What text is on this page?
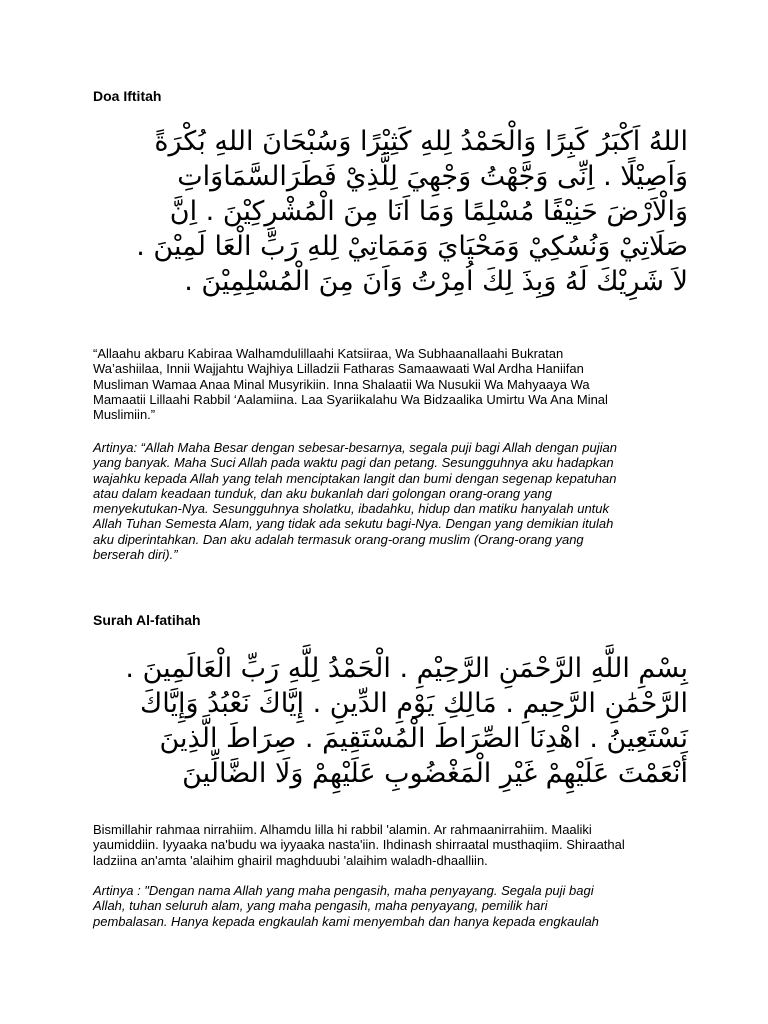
Doa Iftitah
اللهُ اَكْبَرُ كَبِرًا وَالْحَمْدُ لِلهِ كَثِيْرًا وَسُبْحَانَ اللهِ بُكْرَةً
وَاَصِيْلًا . اِنِّى وَجَّهْتُ وَجْهِيَ لِلَّذِيْ فَطَرَالسَّمَاوَاتِ
وَالْاَرْضَ حَنِيْفًا مُسْلِمًا وَمَا اَنَا مِنَ الْمُشْرِكِيْنَ . اِنَّ
صَلَاتِيْ وَنُسُكِيْ وَمَحْيَايَ وَمَمَاتِيْ لِلهِ رَبِّ الْعَا لَمِيْنَ .
لاَ شَرِيْكَ لَهُ وَبِذَ لِكَ اُمِرْتُ وَاَنَ مِنَ الْمُسْلِمِيْنَ .
“Allaahu akbaru Kabiraa Walhamdulillaahi Katsiiraa, Wa Subhaanallaahi Bukratan
Wa’ashiilaa, Innii Wajjahtu Wajhiya Lilladzii Fatharas Samaawaati Wal Ardha Haniifan
Musliman Wamaa Anaa Minal Musyrikiin. Inna Shalaatii Wa Nusukii Wa Mahyaaya Wa
Mamaatii Lillaahi Rabbil ‘Aalamiina. Laa Syariikalahu Wa Bidzaalika Umirtu Wa Ana Minal
Muslimiin.”
Artinya: “Allah Maha Besar dengan sebesar-besarnya, segala puji bagi Allah dengan pujian
yang banyak. Maha Suci Allah pada waktu pagi dan petang. Sesungguhnya aku hadapkan
wajahku kepada Allah yang telah menciptakan langit dan bumi dengan segenap kepatuhan
atau dalam keadaan tunduk, dan aku bukanlah dari golongan orang-orang yang
menyekutukan-Nya. Sesungguhnya sholatku, ibadahku, hidup dan matiku hanyalah untuk
Allah Tuhan Semesta Alam, yang tidak ada sekutu bagi-Nya. Dengan yang demikian itulah
aku diperintahkan. Dan aku adalah termasuk orang-orang muslim (Orang-orang yang
berserah diri).”
Surah Al-fatihah
بِسْمِ اللَّهِ الرَّحْمَنِ الرَّحِيْمِ . الْحَمْدُ لِلَّهِ رَبِّ الْعَالَمِينَ .
الرَّحْمَٰنِ الرَّحِيمِ . مَالِكِ يَوْمِ الدِّينِ . إِيَّاكَ نَعْبُدُ وَإِيَّاكَ
نَسْتَعِينُ . اهْدِنَا الصِّرَاطَ الْمُسْتَقِيمَ . صِرَاطَ الَّذِينَ
أَنْعَمْتَ عَلَيْهِمْ غَيْرِ الْمَغْضُوبِ عَلَيْهِمْ وَلَا الضَّالِّينَ
Bismillahir rahmaa nirrahiim. Alhamdu lilla hi rabbil 'alamin. Ar rahmaanirrahiim. Maaliki
yaumiddiin. Iyyaaka na'budu wa iyyaaka nasta'iin. Ihdinash shirraatal musthaqiim. Shiraathal
ladziina an'amta 'alaihim ghairil maghduubi 'alaihim waladh-dhaalliin.
Artinya : "Dengan nama Allah yang maha pengasih, maha penyayang. Segala puji bagi
Allah, tuhan seluruh alam, yang maha pengasih, maha penyayang, pemilik hari
pembalasan. Hanya kepada engkaulah kami menyembah dan hanya kepada engkaulah
